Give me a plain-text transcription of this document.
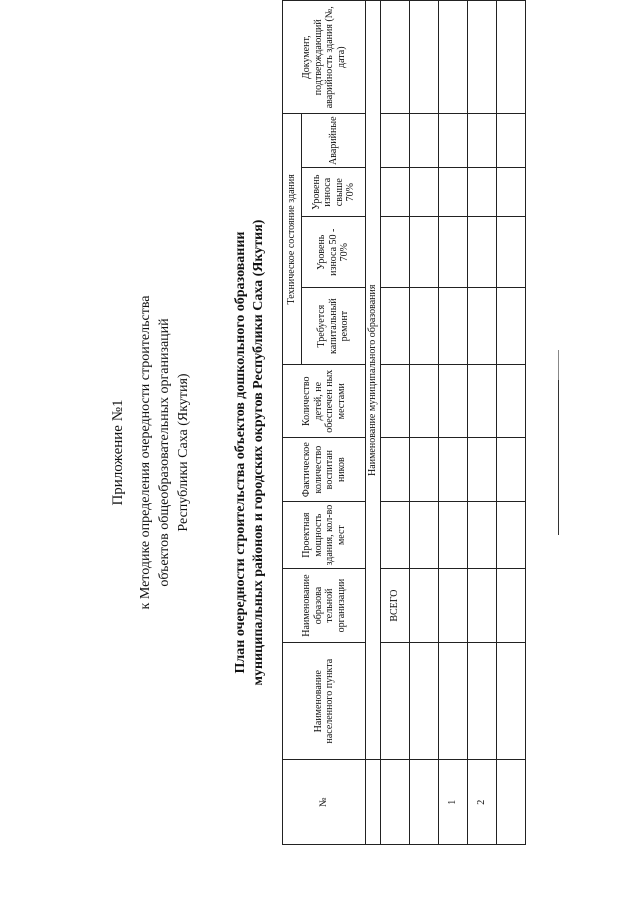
Приложение №1 к Методике определения очередности строительства объектов общеобразовательных организаций Республики Саха (Якутия)	План очередности строительства объектов дошкольного образовании муниципальных районов и городских округов Республики Саха (Якутия)
№	Наименование населенного пункта	Наименование образова тельной организации	Проектная мощность здания, кол-во мест	Фактическое количество воспитан ников	Количество детей, не обеспечен ных местами	Техническое состояние здания				Документ, подтверждающий аварийность здания (№, дата)
						Требуется капитальный ремонт	Уровень износа 50 - 70%	Уровень износа свыше 70%	Аварийные	
	Наименование муниципального образования									
		ВСЕГО								

1										
2										
